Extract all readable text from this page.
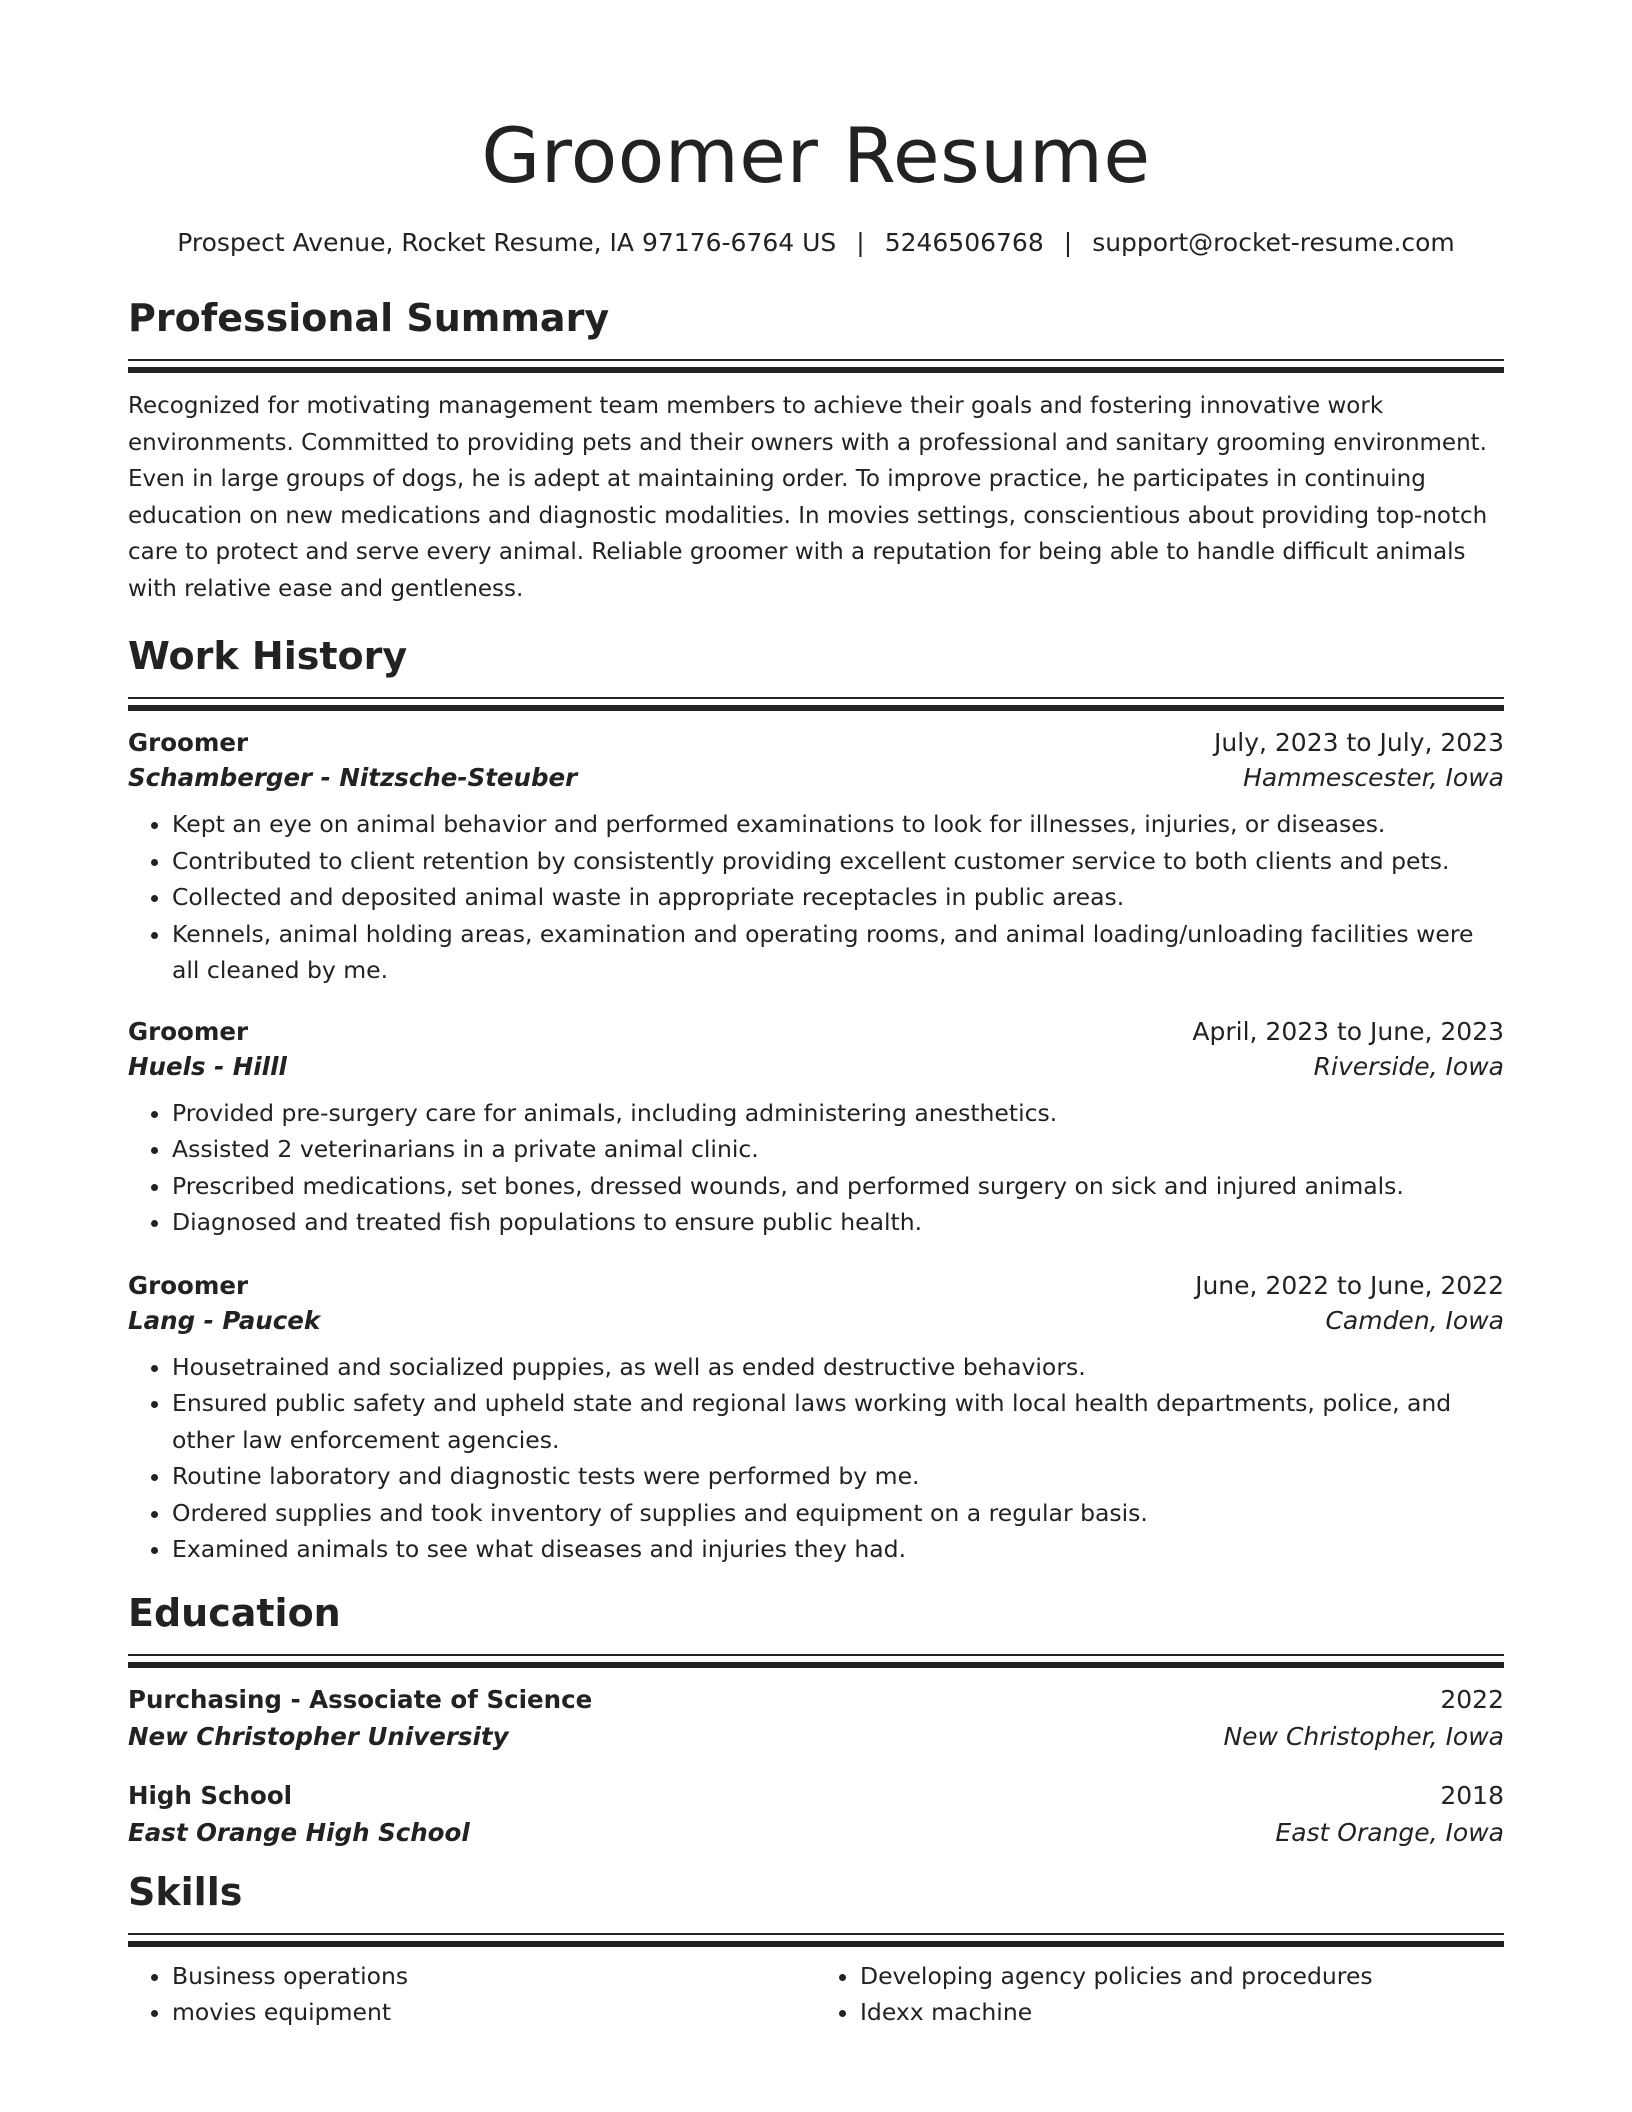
Groomer Resume
Prospect Avenue, Rocket Resume, IA 97176-6764 US | 5246506768 | support@rocket-resume.com
Professional Summary

Recognized for motivating management team members to achieve their goals and fostering innovative work environments. Committed to providing pets and their owners with a professional and sanitary grooming environment. Even in large groups of dogs, he is adept at maintaining order. To improve practice, he participates in continuing education on new medications and diagnostic modalities. In movies settings, conscientious about providing top-notch care to protect and serve every animal. Reliable groomer with a reputation for being able to handle difficult animals with relative ease and gentleness.

Work History
Groomer	July, 2023 to July, 2023
Schamberger - Nitzsche-Steuber	Hammescester, Iowa
• Kept an eye on animal behavior and performed examinations to look for illnesses, injuries, or diseases.
• Contributed to client retention by consistently providing excellent customer service to both clients and pets.
• Collected and deposited animal waste in appropriate receptacles in public areas.
• Kennels, animal holding areas, examination and operating rooms, and animal loading/unloading facilities were all cleaned by me.
Groomer	April, 2023 to June, 2023
Huels - Hilll	Riverside, Iowa
• Provided pre-surgery care for animals, including administering anesthetics.
• Assisted 2 veterinarians in a private animal clinic.
• Prescribed medications, set bones, dressed wounds, and performed surgery on sick and injured animals.
• Diagnosed and treated fish populations to ensure public health.
Groomer	June, 2022 to June, 2022
Lang - Paucek	Camden, Iowa
• Housetrained and socialized puppies, as well as ended destructive behaviors.
• Ensured public safety and upheld state and regional laws working with local health departments, police, and other law enforcement agencies.
• Routine laboratory and diagnostic tests were performed by me.
• Ordered supplies and took inventory of supplies and equipment on a regular basis.
• Examined animals to see what diseases and injuries they had.
Education
Purchasing - Associate of Science	2022
New Christopher University	New Christopher, Iowa
High School	2018
East Orange High School	East Orange, Iowa
Skills
• Business operations
• movies equipment
• Developing agency policies and procedures
• Idexx machine
